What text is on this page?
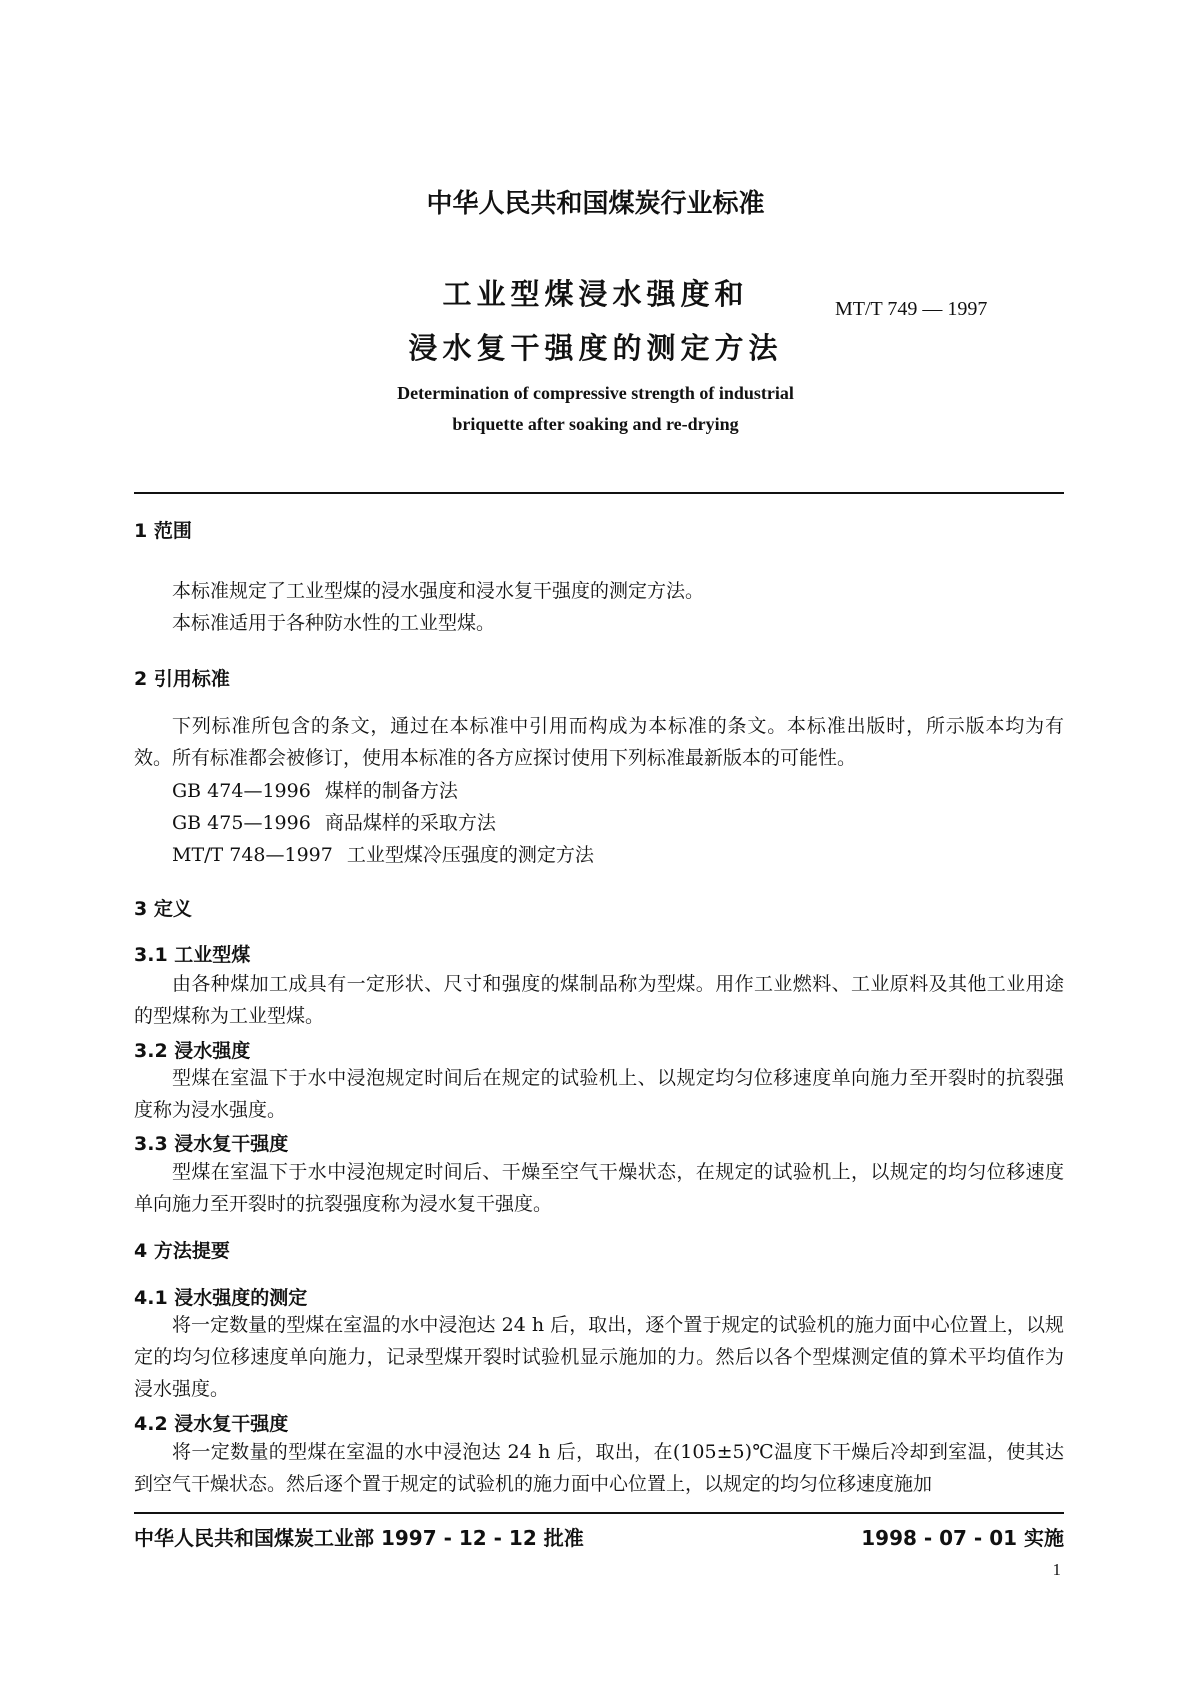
中华人民共和国煤炭行业标准
工业型煤浸水强度和
浸水复干强度的测定方法
MT/T 749 — 1997
Determination of compressive strength of industrial
briquette after soaking and re-drying
1 范围

本标准规定了工业型煤的浸水强度和浸水复干强度的测定方法。

本标准适用于各种防水性的工业型煤。

2 引用标准

下列标准所包含的条文，通过在本标准中引用而构成为本标准的条文。本标准出版时，所示版本均为有效。所有标准都会被修订，使用本标准的各方应探讨使用下列标准最新版本的可能性。

GB 474—1996 煤样的制备方法
GB 475—1996 商品煤样的采取方法
MT/T 748—1997 工业型煤冷压强度的测定方法
3 定义
3.1 工业型煤

由各种煤加工成具有一定形状、尺寸和强度的煤制品称为型煤。用作工业燃料、工业原料及其他工业用途的型煤称为工业型煤。

3.2 浸水强度

型煤在室温下于水中浸泡规定时间后在规定的试验机上、以规定均匀位移速度单向施力至开裂时的抗裂强度称为浸水强度。

3.3 浸水复干强度

型煤在室温下于水中浸泡规定时间后、干燥至空气干燥状态，在规定的试验机上，以规定的均匀位移速度单向施力至开裂时的抗裂强度称为浸水复干强度。

4 方法提要
4.1 浸水强度的测定

将一定数量的型煤在室温的水中浸泡达 24 h 后，取出，逐个置于规定的试验机的施力面中心位置上，以规定的均匀位移速度单向施力，记录型煤开裂时试验机显示施加的力。然后以各个型煤测定值的算术平均值作为浸水强度。

4.2 浸水复干强度

将一定数量的型煤在室温的水中浸泡达 24 h 后，取出，在(105±5)℃温度下干燥后冷却到室温，使其达到空气干燥状态。然后逐个置于规定的试验机的施力面中心位置上，以规定的均匀位移速度施加

中华人民共和国煤炭工业部 1997 - 12 - 12 批准	1998 - 07 - 01 实施
1
